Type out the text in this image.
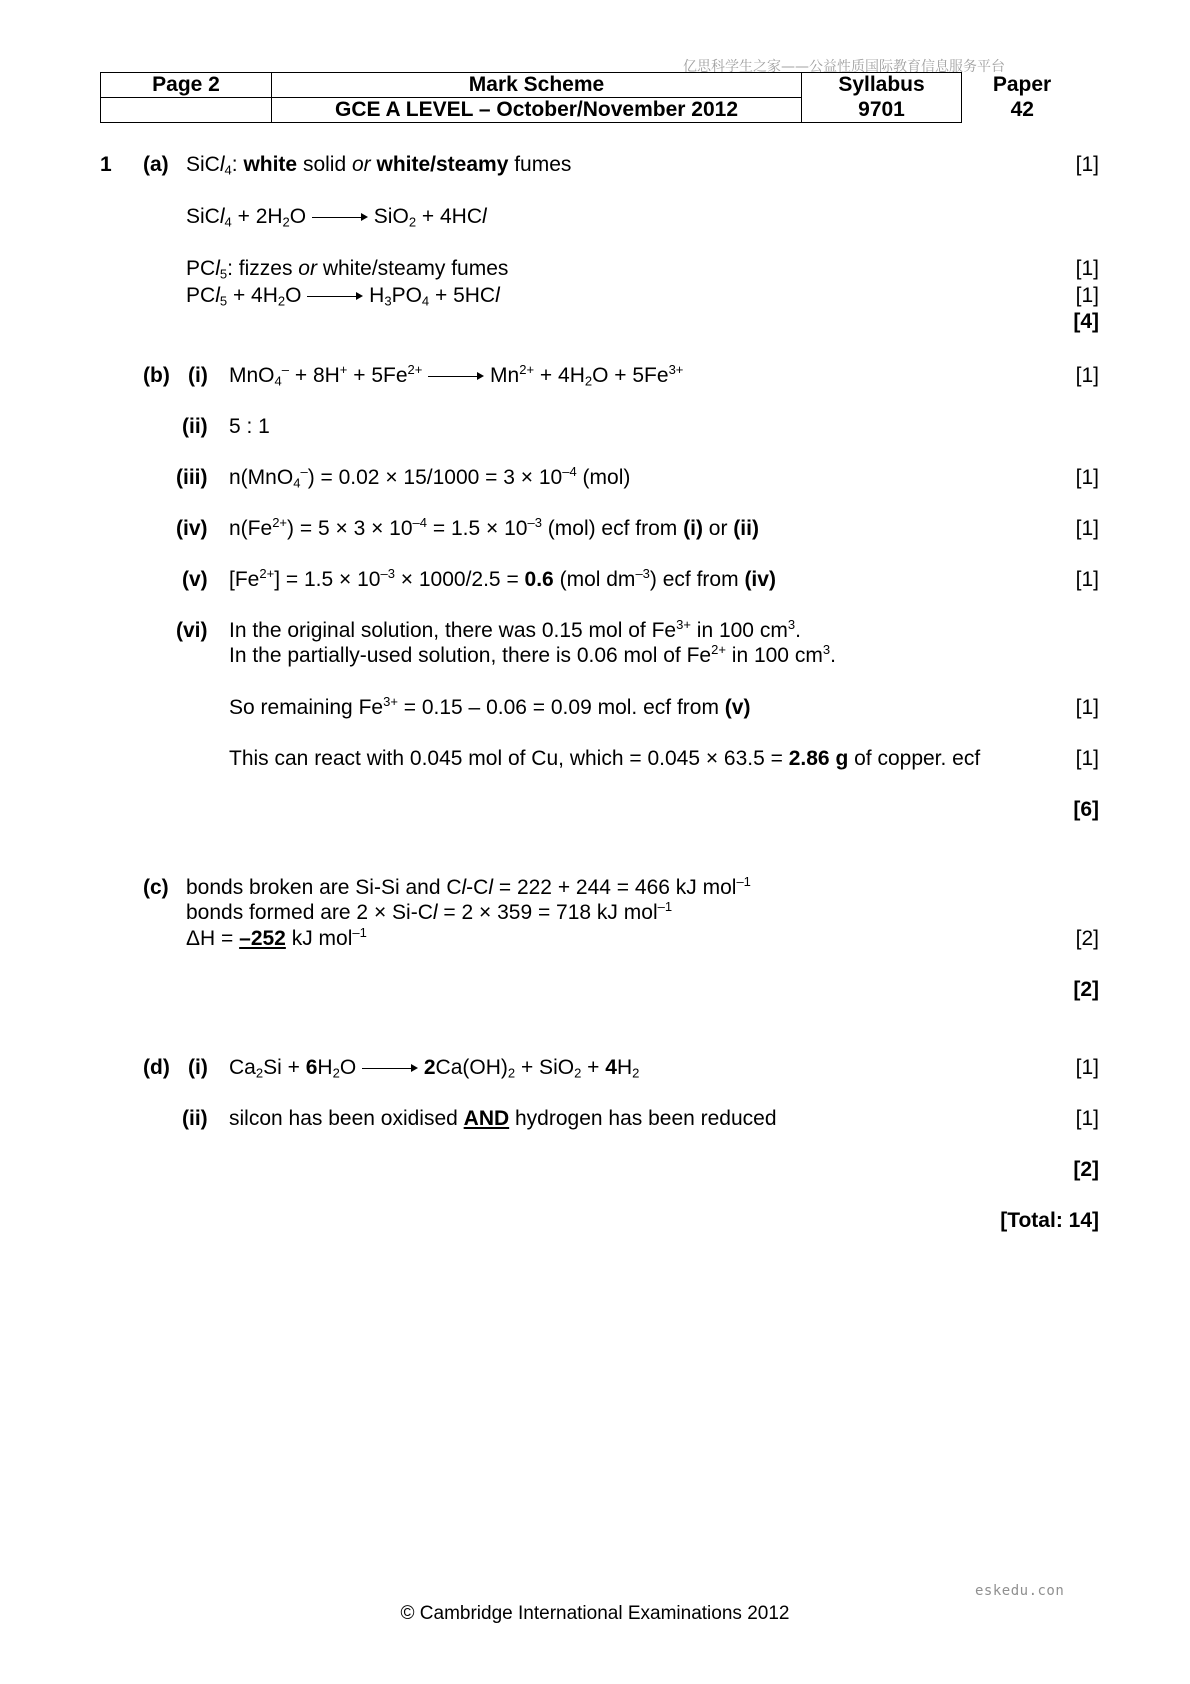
亿思科学生之家——公益性质国际教育信息服务平台
Page 2	Mark Scheme	Syllabus	Paper
	GCE A LEVEL – October/November 2012	9701	42
1 (a) SiCl$_4$: white solid or white/steamy fumes	[1]
SiCl$_4$ + $2H_2O$	SiO$_2$ + 4HCl
PCl$_5$: fizzes or white/steamy fumes	[1]
$PCl_5 + 4H_2O$	$H_3PO_4 + 5HCl$	[1]
[4]
(b) (i) $MnO_4^- + 8H^+ + 5Fe^{2+}$	$Mn^{2+} + 4H_2O + 5Fe^{3+}$	[1]
(ii) 5 : 1
(iii) $n(MnO_4^-) = 0.02 \times 15/1000 = 3 \times 10^{-4}$ (mol)	[1]
(iv) $n(Fe^{2+}) = 5 \times 3 \times 10^{-4} = 1.5 \times 10^{-3}$ (mol) ecf from (i) or (ii)	[1]
(v) $[Fe^{2+}] = 1.5 \times 10^{-3} \times 1000/2.5 = 0.6$ (mol $dm^{-3}$) ecf from (iv)	[1]
(vi) In the original solution, there was 0.15 mol of $Fe^{3+}$ in 100 $cm^3$.
In the partially-used solution, there is 0.06 mol of $Fe^{2+}$ in 100 $cm^3$.
So remaining $Fe^{3+} = 0.15 - 0.06 = 0.09$ mol. ecf from (v)	[1]
This can react with 0.045 mol of Cu, which = 0.045 × 63.5 = 2.86 g of copper. ecf	[1]
[6]
(c) bonds broken are Si-Si and Cl-Cl = 222 + 244 = 466 kJ mol$^{-1}$
bonds formed are 2 × Si-Cl = 2 × 359 = 718 kJ mol$^{-1}$
ΔH = –252 kJ mol$^{-1}$	[2]
[2]
(d) (i) $Ca_2Si + 6H_2O$	$2Ca(OH)_2 + SiO_2 + 4H_2$	[1]
(ii) silcon has been oxidised AND hydrogen has been reduced	[1]
[2]
[Total: 14]
eskedu.con
© Cambridge International Examinations 2012
